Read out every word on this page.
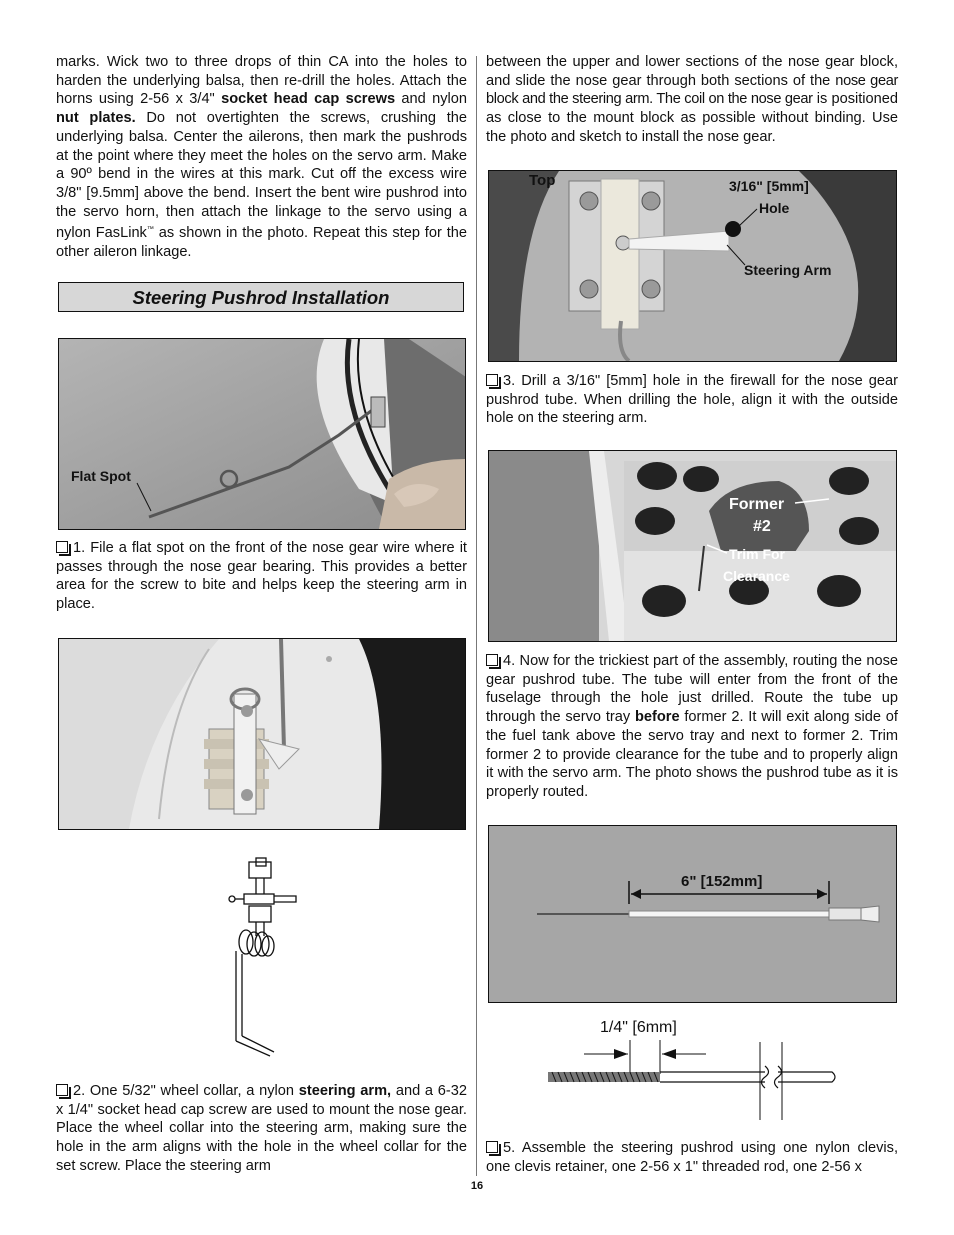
marks. Wick two to three drops of thin CA into the holes to harden the underlying balsa, then re-drill the holes. Attach the horns using 2-56 x 3/4" socket head cap screws and nylon nut plates. Do not overtighten the screws, crushing the underlying balsa. Center the ailerons, then mark the pushrods at the point where they meet the holes on the servo arm. Make a 90º bend in the wires at this mark. Cut off the excess wire 3/8" [9.5mm] above the bend. Insert the bent wire pushrod into the servo horn, then attach the linkage to the servo using a nylon FasLink™ as shown in the photo. Repeat this step for the other aileron linkage.

Steering Pushrod Installation
Flat Spot

1. File a flat spot on the front of the nose gear wire where it passes through the nose gear bearing. This provides a better area for the screw to bite and helps keep the steering arm in place.

2. One 5/32" wheel collar, a nylon steering arm, and a 6-32 x 1/4" socket head cap screw are used to mount the nose gear. Place the wheel collar into the steering arm, making sure the hole in the arm aligns with the hole in the wheel collar for the set screw. Place the steering arm

between the upper and lower sections of the nose gear block, and slide the nose gear through both sections of the nose gear block and the steering arm. The coil on the nose gear is positioned as close to the mount block as possible without binding. Use the photo and sketch to install the nose gear.

Top	3/16" [5mm]
Hole
Steering Arm

3. Drill a 3/16" [5mm] hole in the firewall for the nose gear pushrod tube. When drilling the hole, align it with the outside hole on the steering arm.

Former
#2
Trim For
Clearance

4. Now for the trickiest part of the assembly, routing the nose gear pushrod tube. The tube will enter from the front of the fuselage through the hole just drilled. Route the tube up through the servo tray before former 2. It will exit along side of the fuel tank above the servo tray and next to former 2. Trim former 2 to provide clearance for the tube and to properly align it with the servo arm. The photo shows the pushrod tube as it is properly routed.

6" [152mm]
1/4" [6mm]

5. Assemble the steering pushrod using one nylon clevis, one clevis retainer, one 2-56 x 1" threaded rod, one 2-56 x

16
